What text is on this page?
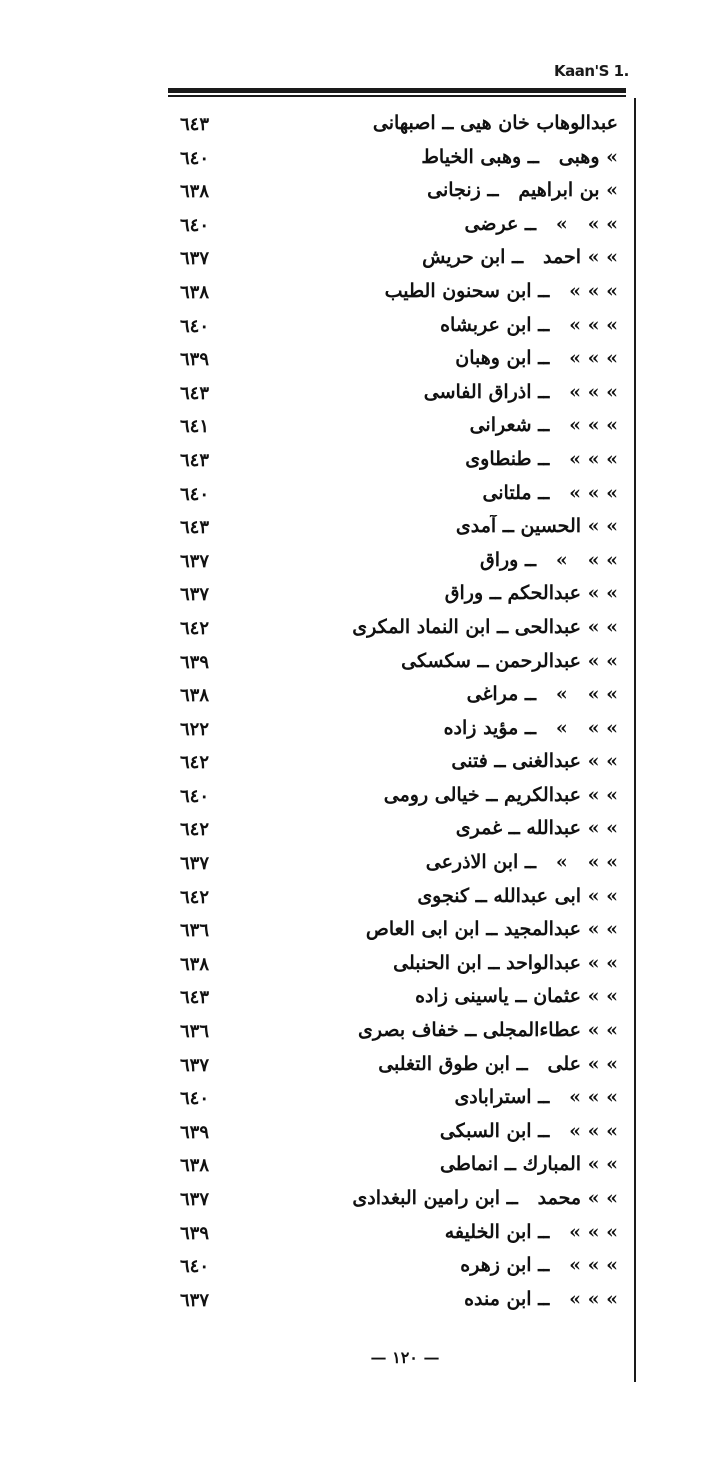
Kaan'S 1.
عبدالوهاب خان هيى ــ اصبهانى
٦٤٣
» وهبى   ــ وهبى الخياط
٦٤٠
» بن ابراهيم   ــ زنجانى
٦٣٨
» »   »   ــ عرضى
٦٤٠
» » احمد   ــ ابن حريش
٦٣٧
» » »   ــ ابن سحنون الطيب
٦٣٨
» » »   ــ ابن عربشاه
٦٤٠
» » »   ــ ابن وهبان
٦٣٩
» » »   ــ اذراق الفاسى
٦٤٣
» » »   ــ شعرانى
٦٤١
» » »   ــ طنطاوى
٦٤٣
» » »   ــ ملتانى
٦٤٠
» » الحسين ــ آمدى
٦٤٣
» »   »   ــ وراق
٦٣٧
» » عبدالحكم ــ وراق
٦٣٧
» » عبدالحى ــ ابن النماد المكرى
٦٤٢
» » عبدالرحمن ــ سكسكى
٦٣٩
» »   »   ــ مراغى
٦٣٨
» »   »   ــ مؤيد زاده
٦٢٢
» » عبدالغنى ــ فتنى
٦٤٢
» » عبدالكريم ــ خيالى رومى
٦٤٠
» » عبدالله ــ غمرى
٦٤٢
» »   »   ــ ابن الاذرعى
٦٣٧
» » ابى عبدالله ــ كنجوى
٦٤٢
» » عبدالمجيد ــ ابن ابى العاص
٦٣٦
» » عبدالواحد ــ ابن الحنبلى
٦٣٨
» » عثمان ــ ياسينى زاده
٦٤٣
» » عطاءالمجلى ــ خفاف بصرى
٦٣٦
» » على   ــ ابن طوق التغلبى
٦٣٧
» » »   ــ استرابادى
٦٤٠
» » »   ــ ابن السبكى
٦٣٩
» » المبارك ــ انماطى
٦٣٨
» » محمد   ــ ابن رامين البغدادى
٦٣٧
» » »   ــ ابن الخليفه
٦٣٩
» » »   ــ ابن زهره
٦٤٠
» » »   ــ ابن منده
٦٣٧
— ١٢٠ —
